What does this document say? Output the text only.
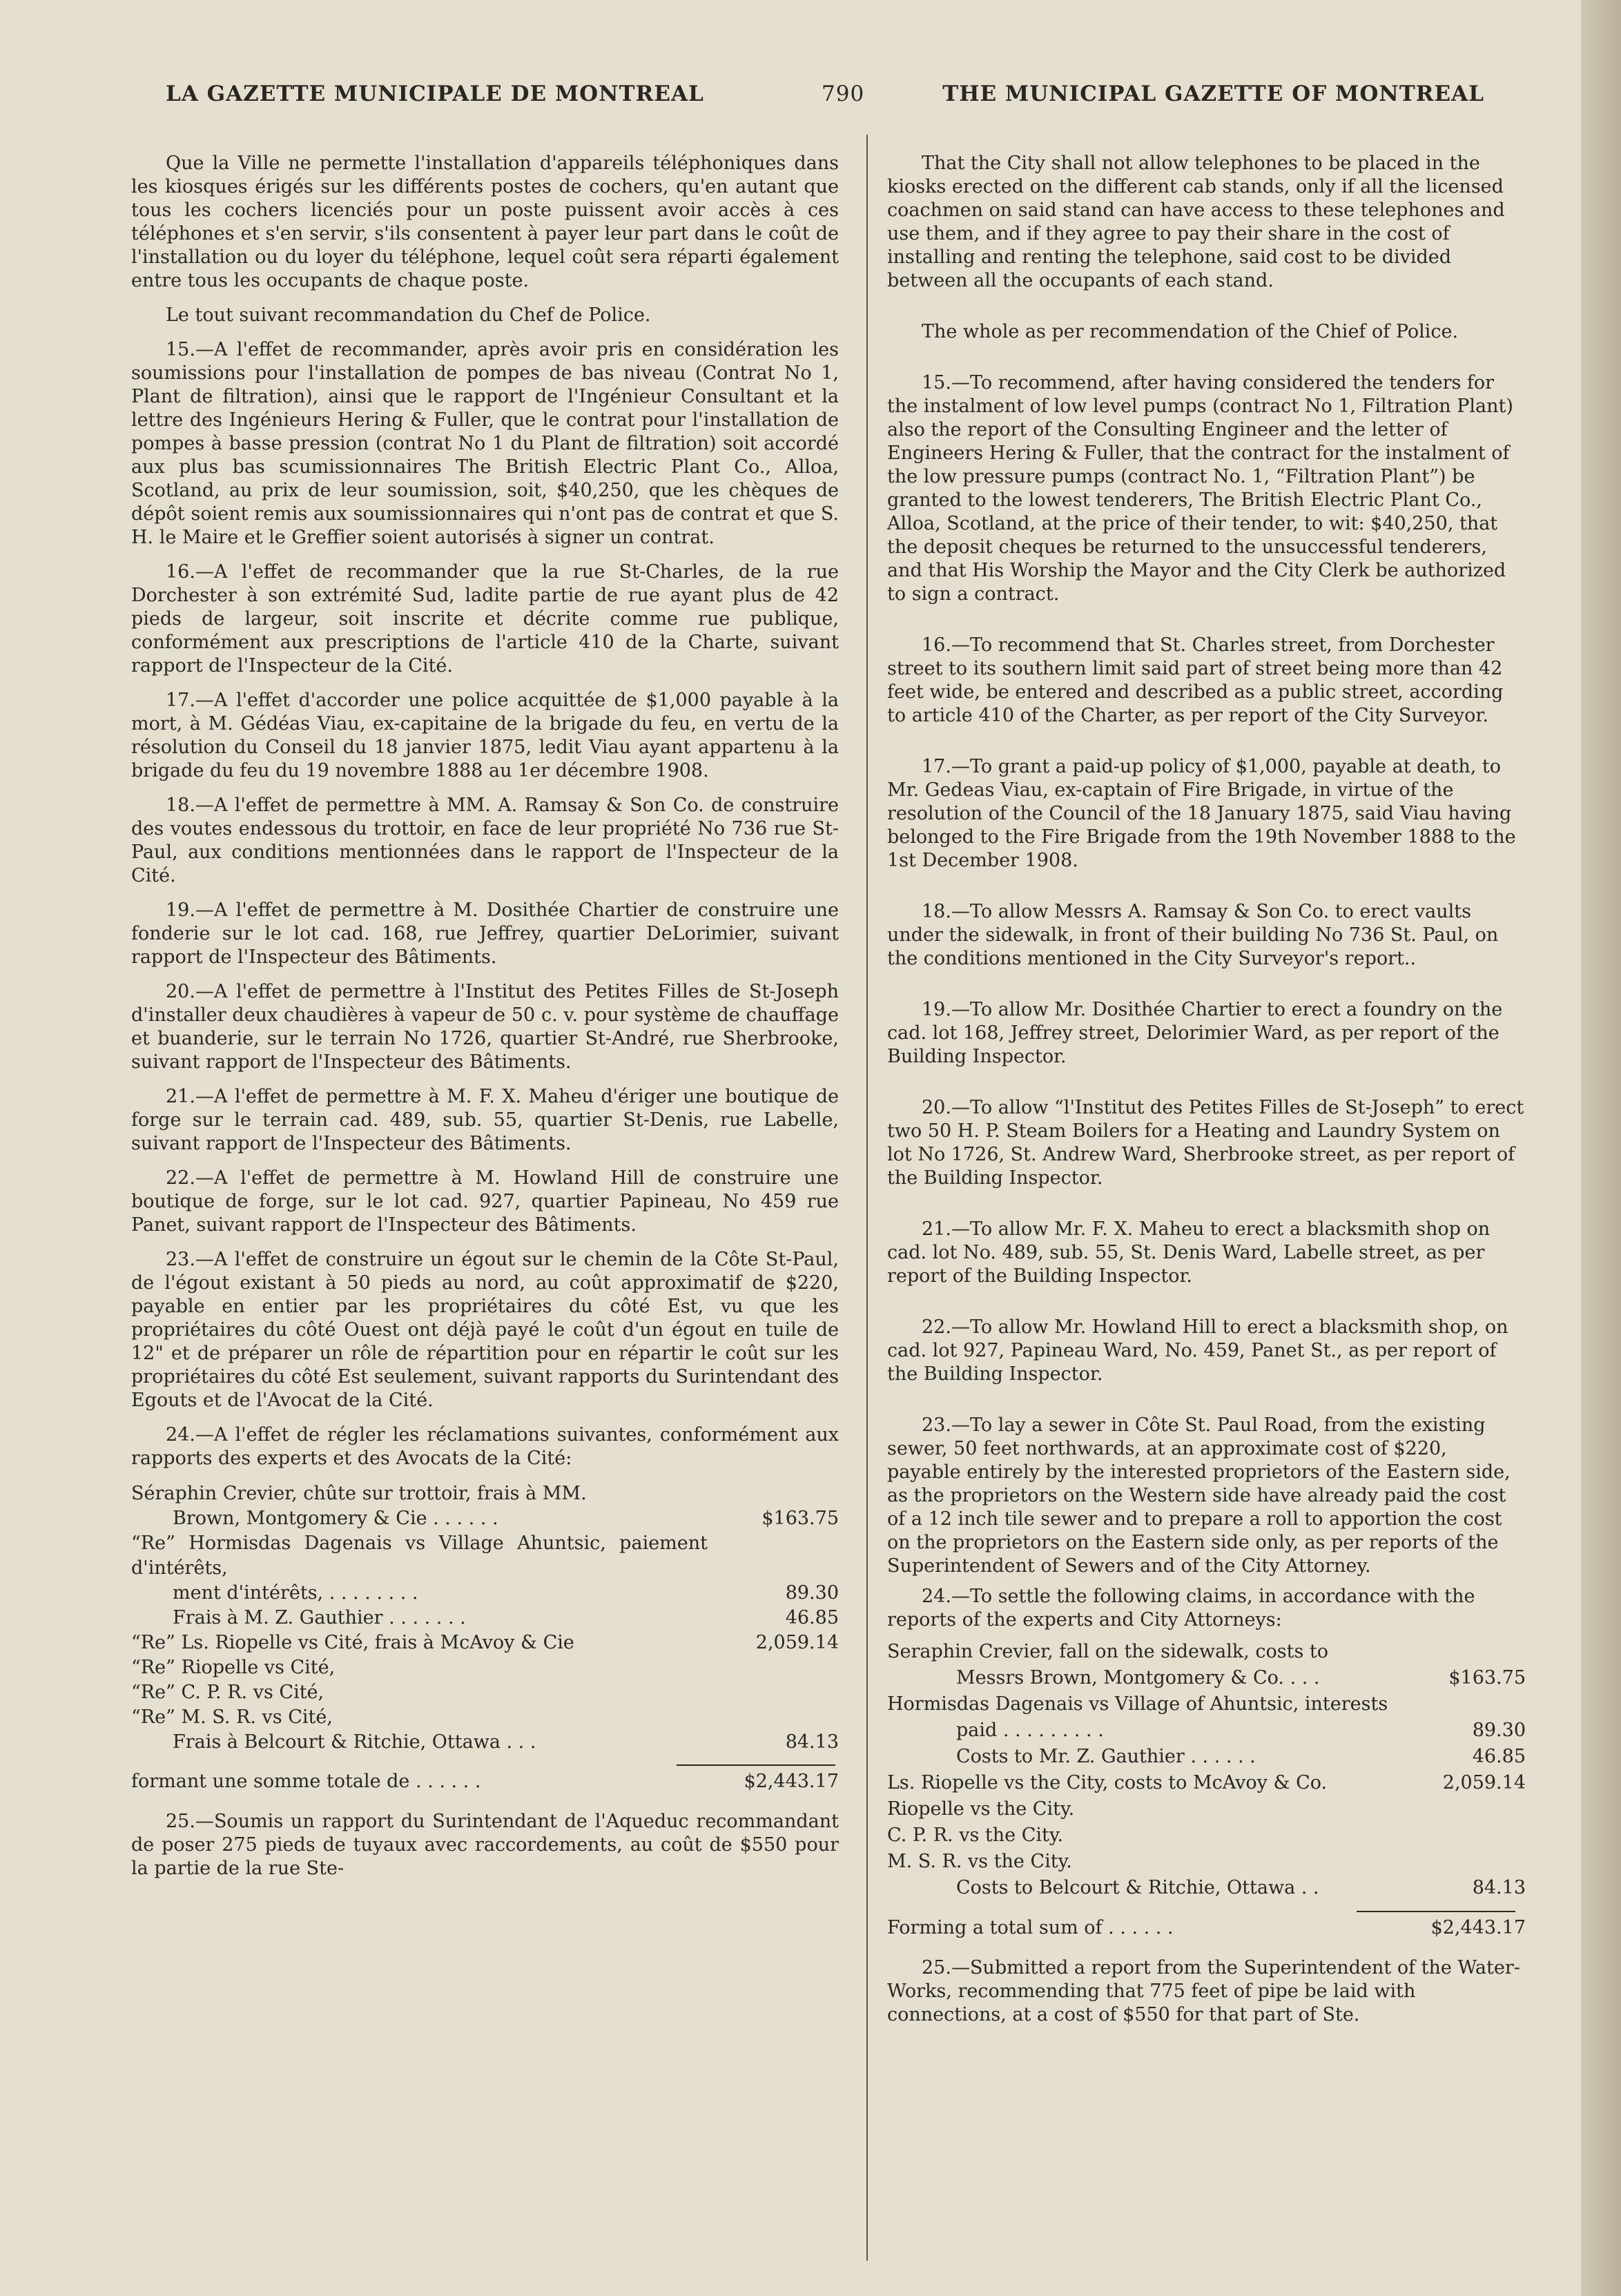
LA GAZETTE MUNICIPALE DE MONTREAL	790	THE MUNICIPAL GAZETTE OF MONTREAL

Que la Ville ne permette l'installation d'appareils téléphoniques dans les kiosques érigés sur les différents postes de cochers, qu'en autant que tous les cochers licenciés pour un poste puissent avoir accès à ces téléphones et s'en servir, s'ils consentent à payer leur part dans le coût de l'installation ou du loyer du téléphone, lequel coût sera réparti également entre tous les occupants de chaque poste.

Le tout suivant recommandation du Chef de Police.

15.—A l'effet de recommander, après avoir pris en considération les soumissions pour l'installation de pompes de bas niveau (Contrat No 1, Plant de filtration), ainsi que le rapport de l'Ingénieur Consultant et la lettre des Ingénieurs Hering & Fuller, que le contrat pour l'installation de pompes à basse pression (contrat No 1 du Plant de filtration) soit accordé aux plus bas scumissionnaires The British Electric Plant Co., Alloa, Scotland, au prix de leur soumission, soit, $40,250, que les chèques de dépôt soient remis aux soumissionnaires qui n'ont pas de contrat et que S. H. le Maire et le Greffier soient autorisés à signer un contrat.

16.—A l'effet de recommander que la rue St-Charles, de la rue Dorchester à son extrémité Sud, ladite partie de rue ayant plus de 42 pieds de largeur, soit inscrite et décrite comme rue publique, conformément aux prescriptions de l'article 410 de la Charte, suivant rapport de l'Inspecteur de la Cité.

17.—A l'effet d'accorder une police acquittée de $1,000 payable à la mort, à M. Gédéas Viau, ex-capitaine de la brigade du feu, en vertu de la résolution du Conseil du 18 janvier 1875, ledit Viau ayant appartenu à la brigade du feu du 19 novembre 1888 au 1er décembre 1908.

18.—A l'effet de permettre à MM. A. Ramsay & Son Co. de construire des voutes endessous du trottoir, en face de leur propriété No 736 rue St-Paul, aux conditions mentionnées dans le rapport de l'Inspecteur de la Cité.

19.—A l'effet de permettre à M. Dosithée Chartier de construire une fonderie sur le lot cad. 168, rue Jeffrey, quartier DeLorimier, suivant rapport de l'Inspecteur des Bâtiments.

20.—A l'effet de permettre à l'Institut des Petites Filles de St-Joseph d'installer deux chaudières à vapeur de 50 c. v. pour système de chauffage et buanderie, sur le terrain No 1726, quartier St-André, rue Sherbrooke, suivant rapport de l'Inspecteur des Bâtiments.

21.—A l'effet de permettre à M. F. X. Maheu d'ériger une boutique de forge sur le terrain cad. 489, sub. 55, quartier St-Denis, rue Labelle, suivant rapport de l'Inspecteur des Bâtiments.

22.—A l'effet de permettre à M. Howland Hill de construire une boutique de forge, sur le lot cad. 927, quartier Papineau, No 459 rue Panet, suivant rapport de l'Inspecteur des Bâtiments.

23.—A l'effet de construire un égout sur le chemin de la Côte St-Paul, de l'égout existant à 50 pieds au nord, au coût approximatif de $220, payable en entier par les propriétaires du côté Est, vu que les propriétaires du côté Ouest ont déjà payé le coût d'un égout en tuile de 12" et de préparer un rôle de répartition pour en répartir le coût sur les propriétaires du côté Est seulement, suivant rapports du Surintendant des Egouts et de l'Avocat de la Cité.

24.—A l'effet de régler les réclamations suivantes, conformément aux rapports des experts et des Avocats de la Cité:

Séraphin Crevier, chûte sur trottoir, frais à MM.	
Brown, Montgomery & Cie . . . . . .	$163.75
“Re” Hormisdas Dagenais vs Village Ahuntsic, paiement d'intérêts,	
ment d'intérêts, . . . . . . . .	89.30
Frais à M. Z. Gauthier . . . . . . .	46.85
“Re” Ls. Riopelle vs Cité, frais à McAvoy & Cie	2,059.14
“Re” Riopelle vs Cité,	
“Re” C. P. R. vs Cité,	
“Re” M. S. R. vs Cité,	
Frais à Belcourt & Ritchie, Ottawa . . .	84.13
formant une somme totale de . . . . . .	$2,443.17

25.—Soumis un rapport du Surintendant de l'Aqueduc recommandant de poser 275 pieds de tuyaux avec raccordements, au coût de $550 pour la partie de la rue Ste-

That the City shall not allow telephones to be placed in the kiosks erected on the different cab stands, only if all the licensed coachmen on said stand can have access to these telephones and use them, and if they agree to pay their share in the cost of installing and renting the telephone, said cost to be divided between all the occupants of each stand.

The whole as per recommendation of the Chief of Police.

15.—To recommend, after having considered the tenders for the instalment of low level pumps (contract No 1, Filtration Plant) also the report of the Consulting Engineer and the letter of Engineers Hering & Fuller, that the contract for the instalment of the low pressure pumps (contract No. 1, “Filtration Plant”) be granted to the lowest tenderers, The British Electric Plant Co., Alloa, Scotland, at the price of their tender, to wit: $40,250, that the deposit cheques be returned to the unsuccessful tenderers, and that His Worship the Mayor and the City Clerk be authorized to sign a contract.

16.—To recommend that St. Charles street, from Dorchester street to its southern limit said part of street being more than 42 feet wide, be entered and described as a public street, according to article 410 of the Charter, as per report of the City Surveyor.

17.—To grant a paid-up policy of $1,000, payable at death, to Mr. Gedeas Viau, ex-captain of Fire Brigade, in virtue of the resolution of the Council of the 18 January 1875, said Viau having belonged to the Fire Brigade from the 19th November 1888 to the 1st December 1908.

18.—To allow Messrs A. Ramsay & Son Co. to erect vaults under the sidewalk, in front of their building No 736 St. Paul, on the conditions mentioned in the City Surveyor's report..

19.—To allow Mr. Dosithée Chartier to erect a foundry on the cad. lot 168, Jeffrey street, Delorimier Ward, as per report of the Building Inspector.

20.—To allow “l'Institut des Petites Filles de St-Joseph” to erect two 50 H. P. Steam Boilers for a Heating and Laundry System on lot No 1726, St. Andrew Ward, Sherbrooke street, as per report of the Building Inspector.

21.—To allow Mr. F. X. Maheu to erect a blacksmith shop on cad. lot No. 489, sub. 55, St. Denis Ward, Labelle street, as per report of the Building Inspector.

22.—To allow Mr. Howland Hill to erect a blacksmith shop, on cad. lot 927, Papineau Ward, No. 459, Panet St., as per report of the Building Inspector.

23.—To lay a sewer in Côte St. Paul Road, from the existing sewer, 50 feet northwards, at an approximate cost of $220, payable entirely by the interested proprietors of the Eastern side, as the proprietors on the Western side have already paid the cost of a 12 inch tile sewer and to prepare a roll to apportion the cost on the proprietors on the Eastern side only, as per reports of the Superintendent of Sewers and of the City Attorney.

24.—To settle the following claims, in accordance with the reports of the experts and City Attorneys:

Seraphin Crevier, fall on the sidewalk, costs to
Messrs Brown, Montgomery & Co. . . .	$163.75
Hormisdas Dagenais vs Village of Ahuntsic, interests
paid . . . . . . . . .	89.30
Costs to Mr. Z. Gauthier . . . . . .	46.85
Ls. Riopelle vs the City, costs to McAvoy & Co.	2,059.14
Riopelle vs the City.
C. P. R. vs the City.
M. S. R. vs the City.
Costs to Belcourt & Ritchie, Ottawa . .	84.13
Forming a total sum of . . . . . .	$2,443.17

25.—Submitted a report from the Superintendent of the Water-Works, recommending that 775 feet of pipe be laid with connections, at a cost of $550 for that part of Ste.
